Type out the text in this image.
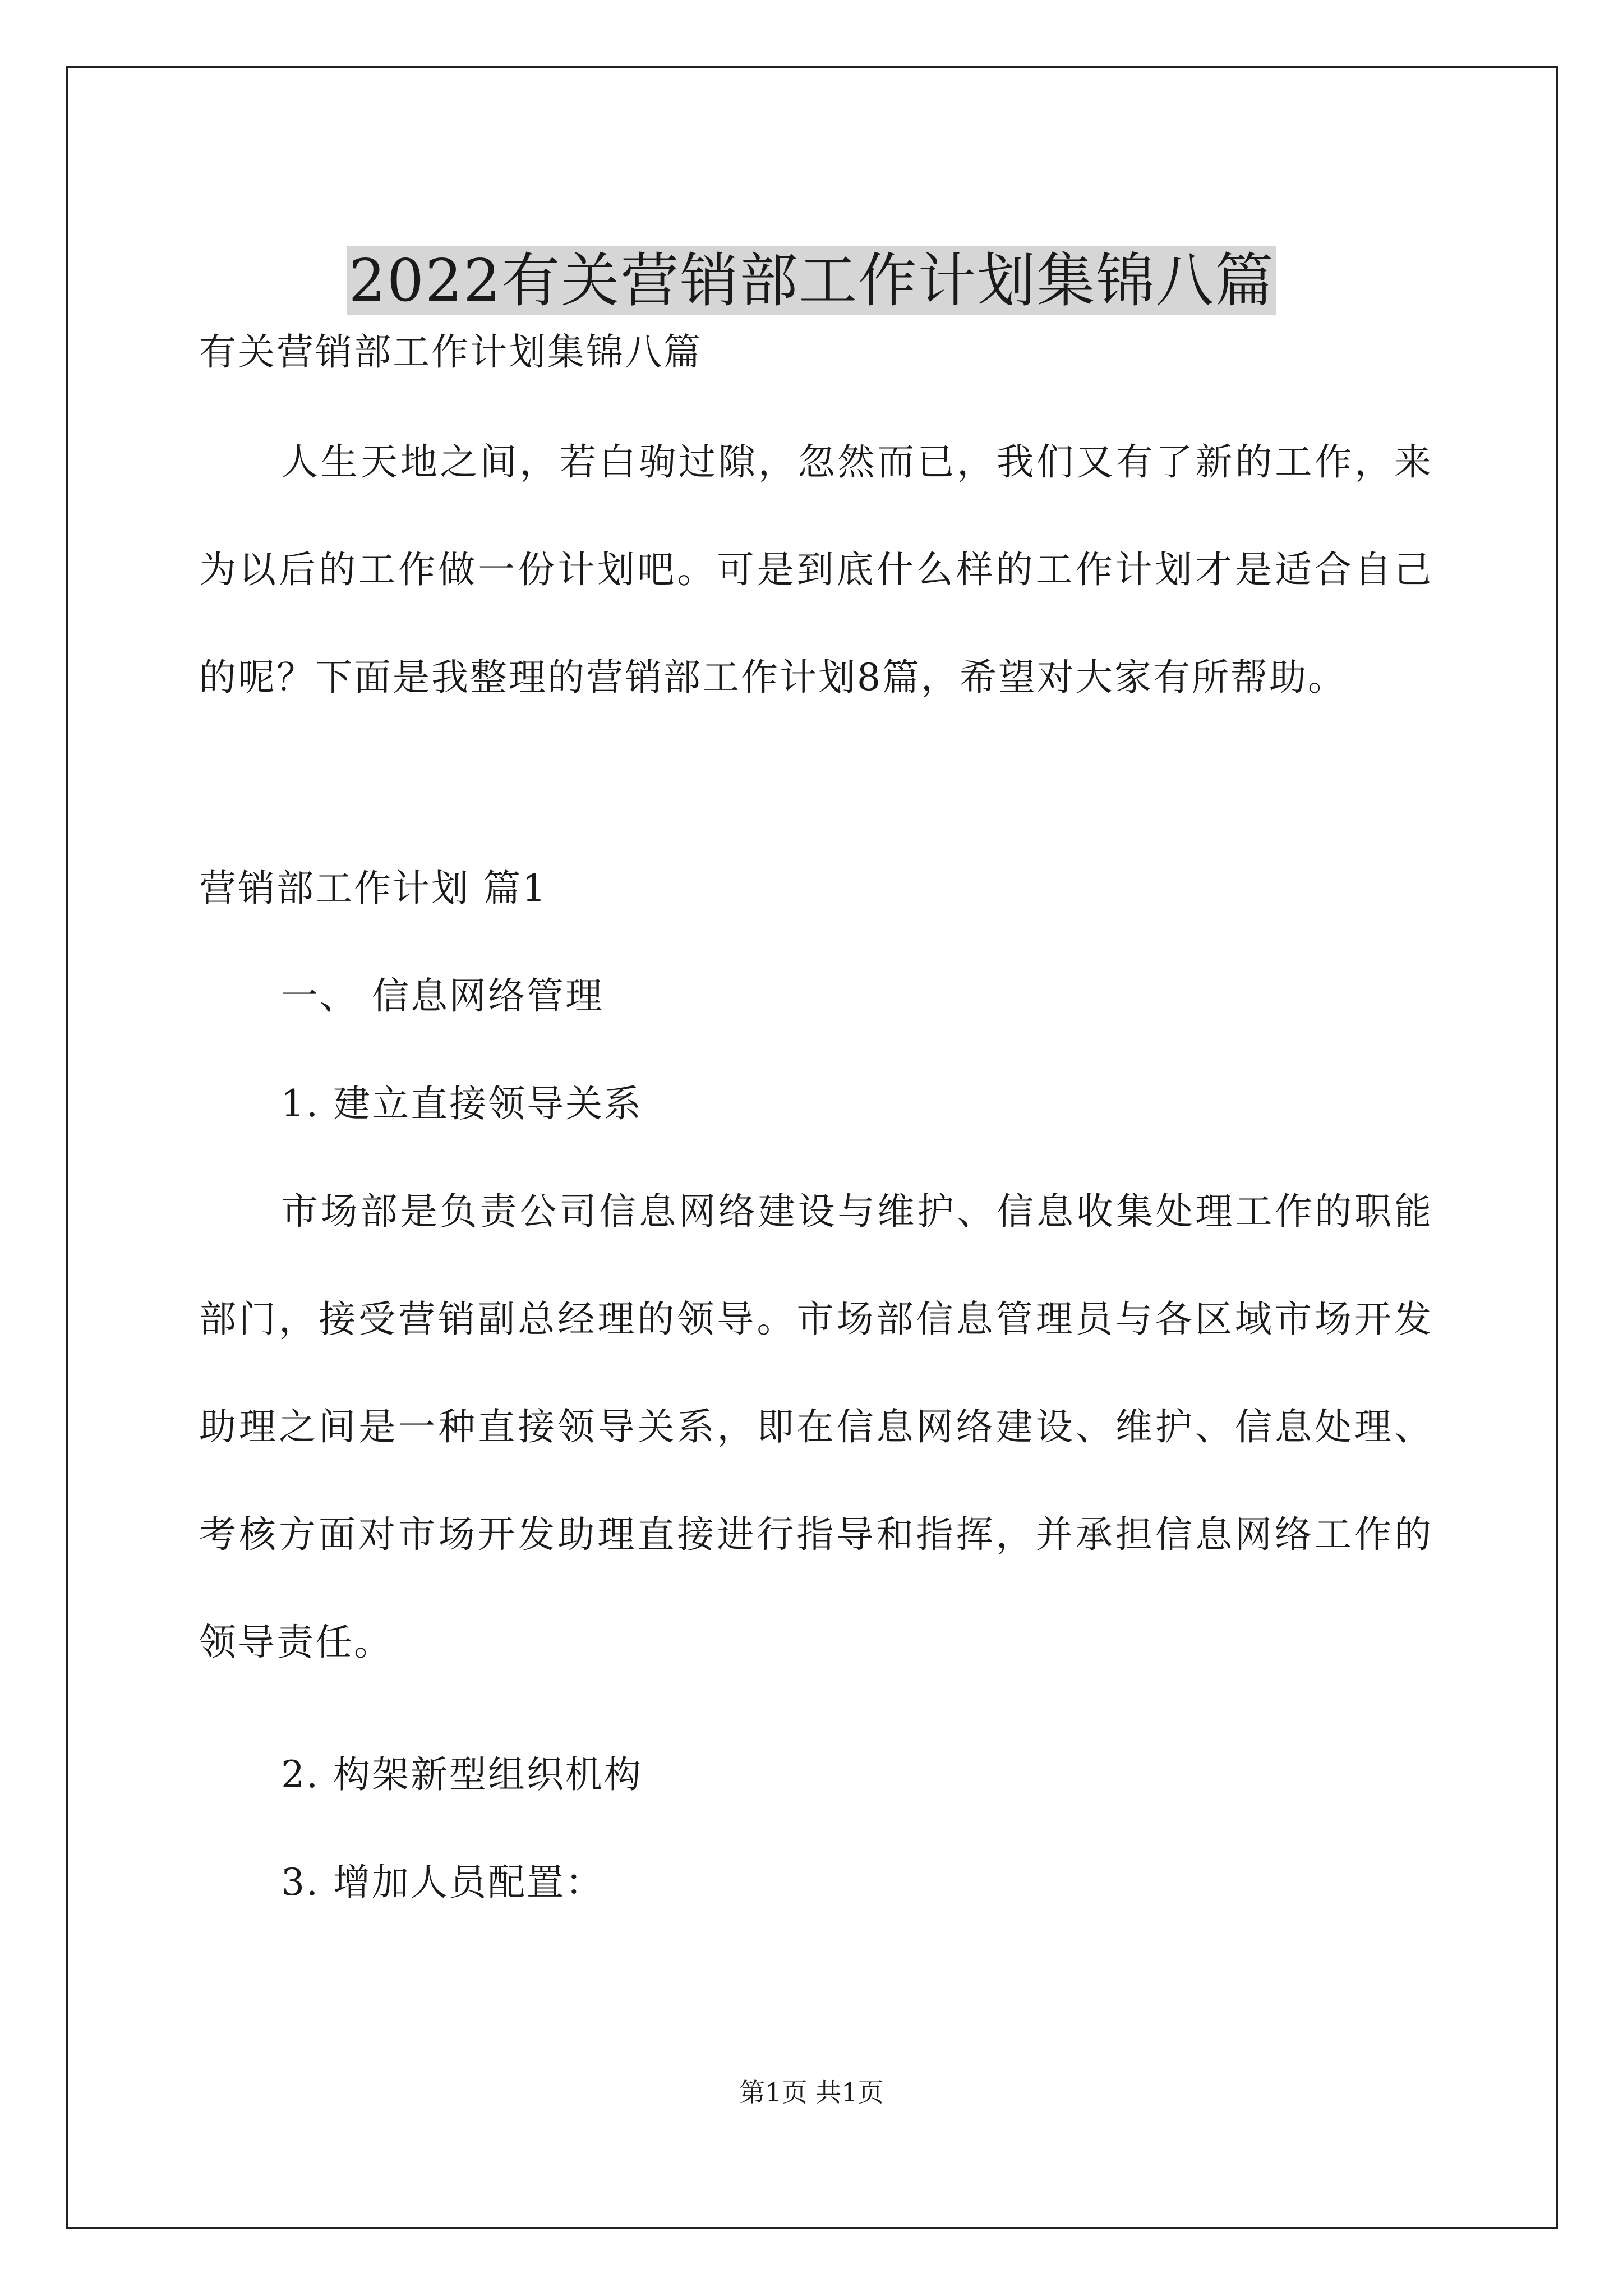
2022有关营销部工作计划集锦八篇

有关营销部工作计划集锦八篇

人生天地之间，若白驹过隙，忽然而已，我们又有了新的工作，来为以后的工作做一份计划吧。可是到底什么样的工作计划才是适合自己的呢？下面是我整理的营销部工作计划8篇，希望对大家有所帮助。

营销部工作计划 篇1

一、 信息网络管理

1. 建立直接领导关系

市场部是负责公司信息网络建设与维护、信息收集处理工作的职能部门，接受营销副总经理的领导。市场部信息管理员与各区域市场开发助理之间是一种直接领导关系，即在信息网络建设、维护、信息处理、考核方面对市场开发助理直接进行指导和指挥，并承担信息网络工作的领导责任。

2. 构架新型组织机构

3. 增加人员配置：

第1页 共1页
